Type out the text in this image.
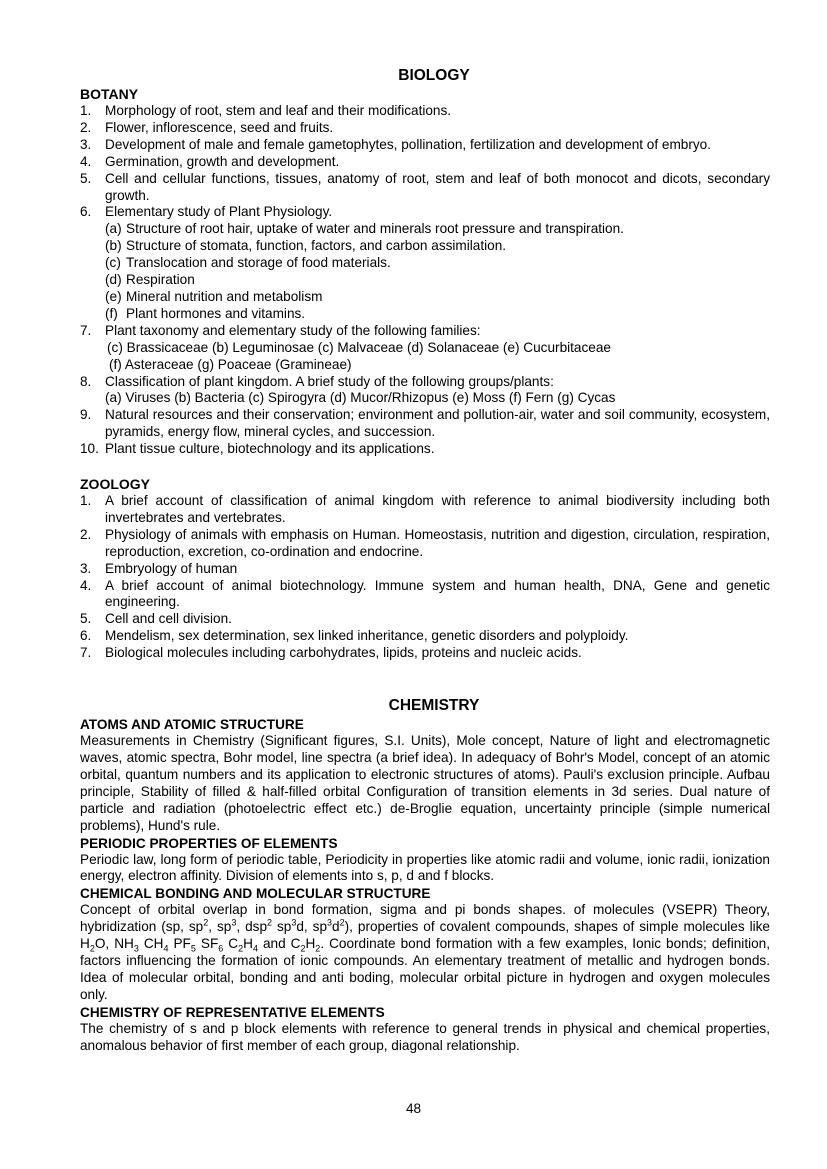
BIOLOGY
BOTANY
1. Morphology of root, stem and leaf and their modifications.
2. Flower, inflorescence, seed and fruits.
3. Development of male and female gametophytes, pollination, fertilization and development of embryo.
4. Germination, growth and development.
5. Cell and cellular functions, tissues, anatomy of root, stem and leaf of both monocot and dicots, secondary growth.
6. Elementary study of Plant Physiology.
(a) Structure of root hair, uptake of water and minerals root pressure and transpiration.
(b) Structure of stomata, function, factors, and carbon assimilation.
(c) Translocation and storage of food materials.
(d) Respiration
(e) Mineral nutrition and metabolism
(f) Plant hormones and vitamins.
7. Plant taxonomy and elementary study of the following families:
(c) Brassicaceae (b) Leguminosae (c) Malvaceae (d) Solanaceae (e) Cucurbitaceae
(f) Asteraceae (g) Poaceae (Gramineae)
8. Classification of plant kingdom. A brief study of the following groups/plants:
(a) Viruses (b) Bacteria (c) Spirogyra (d) Mucor/Rhizopus (e) Moss (f) Fern (g) Cycas
9. Natural resources and their conservation; environment and pollution-air, water and soil community, ecosystem, pyramids, energy flow, mineral cycles, and succession.
10. Plant tissue culture, biotechnology and its applications.
ZOOLOGY
1. A brief account of classification of animal kingdom with reference to animal biodiversity including both invertebrates and vertebrates.
2. Physiology of animals with emphasis on Human. Homeostasis, nutrition and digestion, circulation, respiration, reproduction, excretion, co-ordination and endocrine.
3. Embryology of human
4. A brief account of animal biotechnology. Immune system and human health, DNA, Gene and genetic engineering.
5. Cell and cell division.
6. Mendelism, sex determination, sex linked inheritance, genetic disorders and polyploidy.
7. Biological molecules including carbohydrates, lipids, proteins and nucleic acids.
CHEMISTRY
ATOMS AND ATOMIC STRUCTURE

Measurements in Chemistry (Significant figures, S.I. Units), Mole concept, Nature of light and electromagnetic waves, atomic spectra, Bohr model, line spectra (a brief idea). In adequacy of Bohr's Model, concept of an atomic orbital, quantum numbers and its application to electronic structures of atoms). Pauli's exclusion principle. Aufbau principle, Stability of filled & half-filled orbital Configuration of transition elements in 3d series. Dual nature of particle and radiation (photoelectric effect etc.) de-Broglie equation, uncertainty principle (simple numerical problems), Hund's rule.

PERIODIC PROPERTIES OF ELEMENTS

Periodic law, long form of periodic table, Periodicity in properties like atomic radii and volume, ionic radii, ionization energy, electron affinity. Division of elements into s, p, d and f blocks.

CHEMICAL BONDING AND MOLECULAR STRUCTURE

Concept of orbital overlap in bond formation, sigma and pi bonds shapes. of molecules (VSEPR) Theory, hybridization (sp, $sp^2$, $sp^3$, dsp$^2$ $sp^3d$, $sp^3d^2$), properties of covalent compounds, shapes of simple molecules like $H_2O$, $NH_3$ $CH_4$ $PF_5$ $SF_6$ $C_2H_4$ and $C_2H_2$. Coordinate bond formation with a few examples, Ionic bonds; definition, factors influencing the formation of ionic compounds. An elementary treatment of metallic and hydrogen bonds. Idea of molecular orbital, bonding and anti boding, molecular orbital picture in hydrogen and oxygen molecules only.

CHEMISTRY OF REPRESENTATIVE ELEMENTS

The chemistry of s and p block elements with reference to general trends in physical and chemical properties, anomalous behavior of first member of each group, diagonal relationship.

48
